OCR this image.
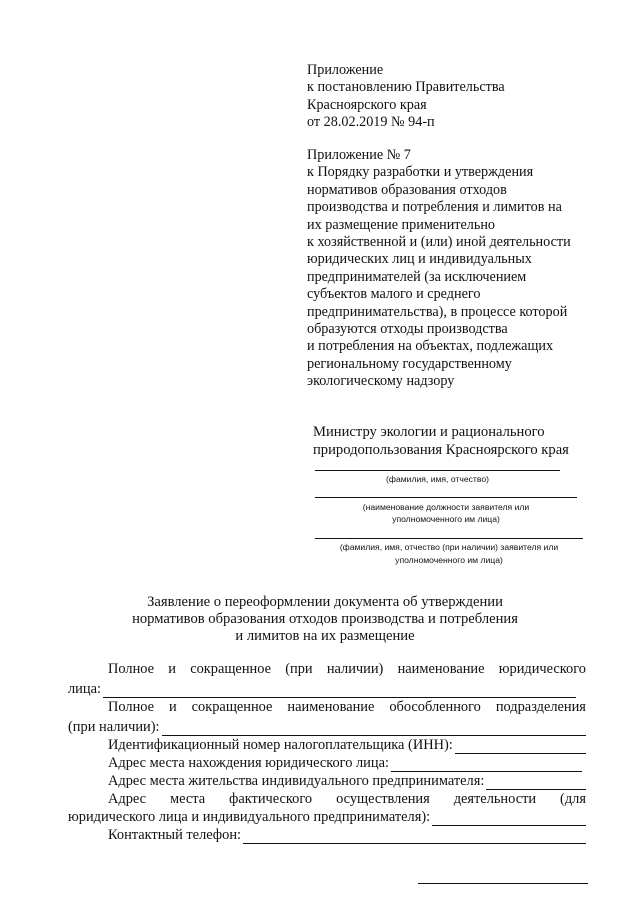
Приложение
к постановлению Правительства
Красноярского края
от 28.02.2019 № 94-п
Приложение № 7
к Порядку разработки и утверждения
нормативов образования отходов
производства и потребления и лимитов на
их размещение применительно
к хозяйственной и (или) иной деятельности
юридических лиц и индивидуальных
предпринимателей (за исключением
субъектов малого и среднего
предпринимательства), в процессе которой
образуются отходы производства
и потребления на объектах, подлежащих
региональному государственному
экологическому надзору
Министру экологии и рационального
природопользования Красноярского края
(фамилия, имя, отчество)
(наименование должности заявителя или
уполномоченного им лица)
(фамилия, имя, отчество (при наличии) заявителя или
уполномоченного им лица)
Заявление о переоформлении документа об утверждении
нормативов образования отходов производства и потребления
и лимитов на их размещение
Полное и сокращенное (при наличии) наименование юридического
лица:
Полное и сокращенное наименование обособленного подразделения
(при наличии):
Идентификационный номер налогоплательщика (ИНН):
Адрес места нахождения юридического лица:
Адрес места жительства индивидуального предпринимателя:
Адрес места фактического осуществления деятельности (для
юридического лица и индивидуального предпринимателя):
Контактный телефон:
